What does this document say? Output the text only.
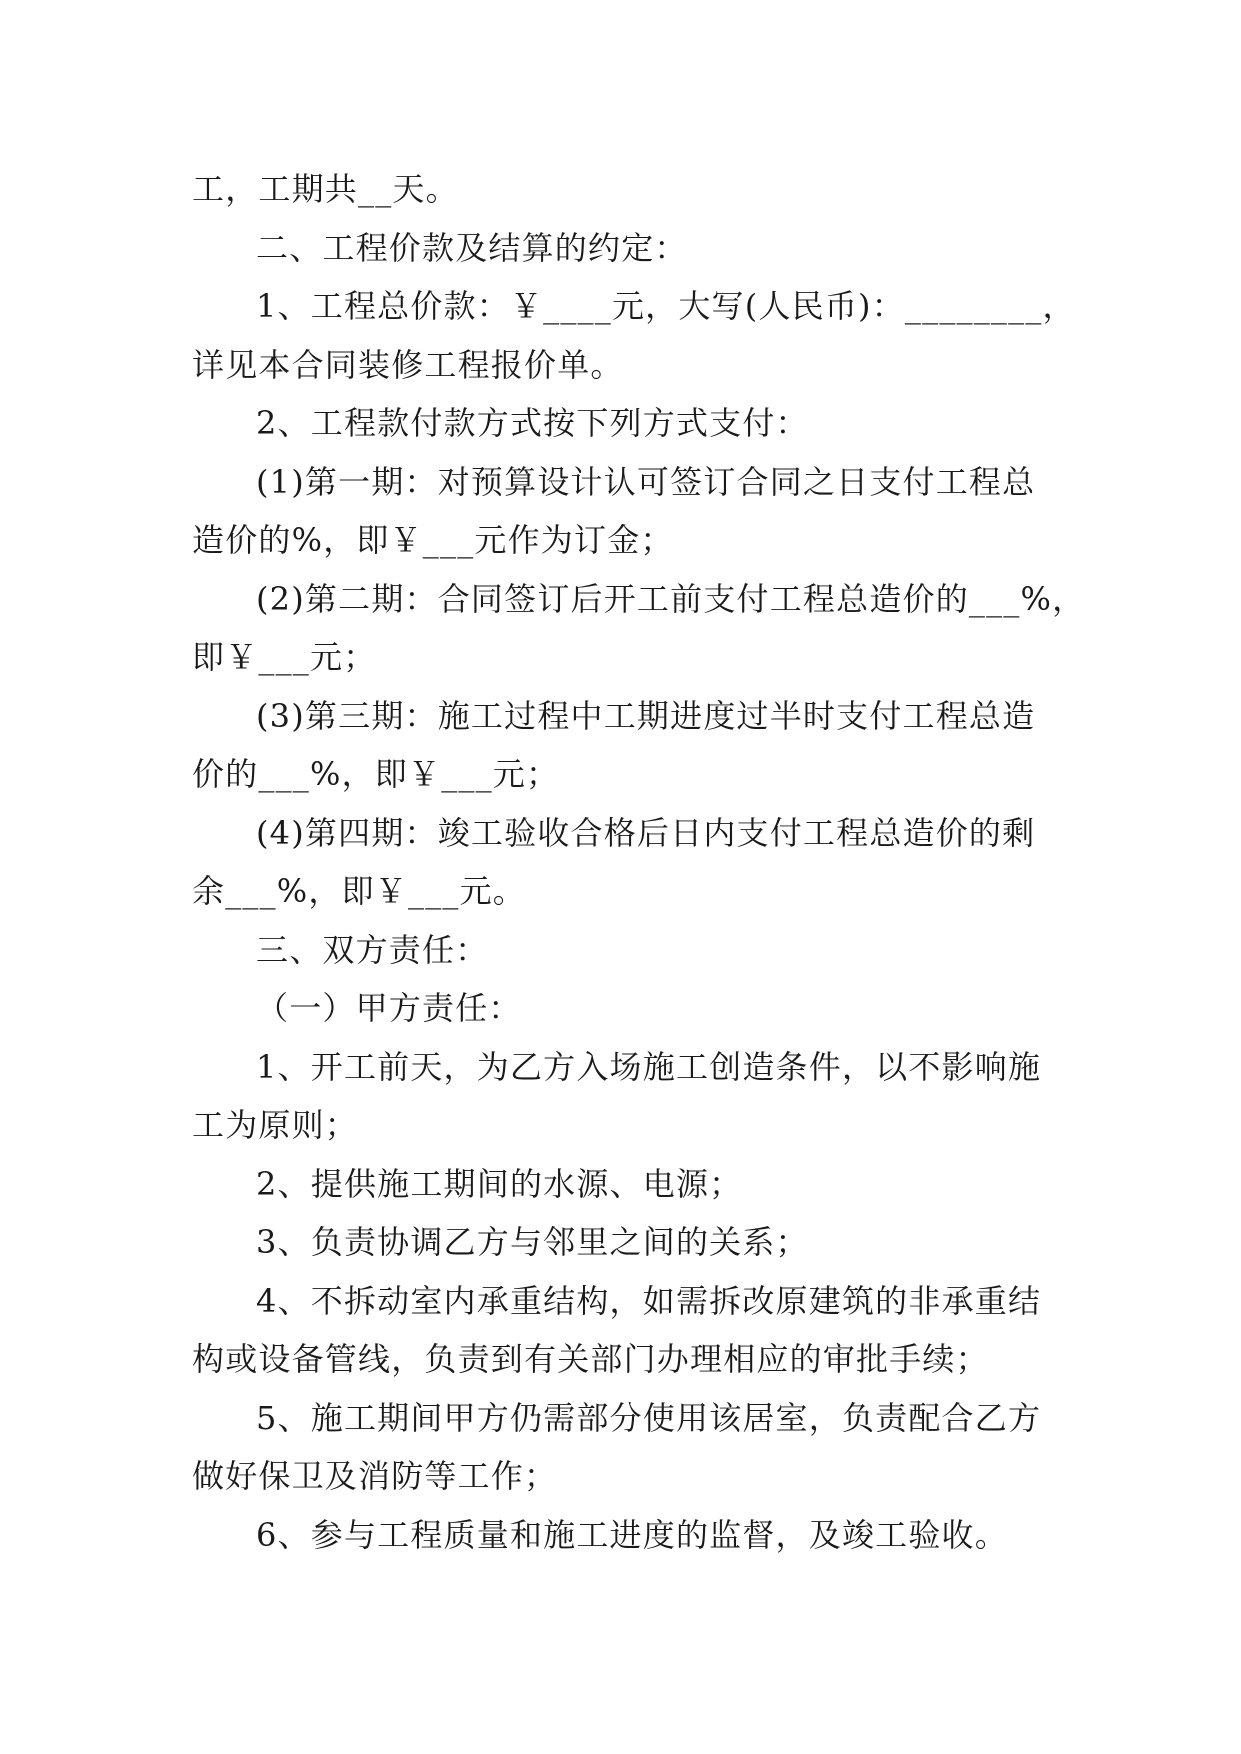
工，工期共__天。
二、工程价款及结算的约定：
1、工程总价款：￥____元，大写(人民币)：________，
详见本合同装修工程报价单。
2、工程款付款方式按下列方式支付：
(1)第一期：对预算设计认可签订合同之日支付工程总
造价的%，即￥___元作为订金；
(2)第二期：合同签订后开工前支付工程总造价的___%，
即￥___元；
(3)第三期：施工过程中工期进度过半时支付工程总造
价的___%，即￥___元；
(4)第四期：竣工验收合格后日内支付工程总造价的剩
余___%，即￥___元。
三、双方责任：
（一）甲方责任：
1、开工前天，为乙方入场施工创造条件，以不影响施
工为原则；
2、提供施工期间的水源、电源；
3、负责协调乙方与邻里之间的关系；
4、不拆动室内承重结构，如需拆改原建筑的非承重结
构或设备管线，负责到有关部门办理相应的审批手续；
5、施工期间甲方仍需部分使用该居室，负责配合乙方
做好保卫及消防等工作；
6、参与工程质量和施工进度的监督，及竣工验收。
